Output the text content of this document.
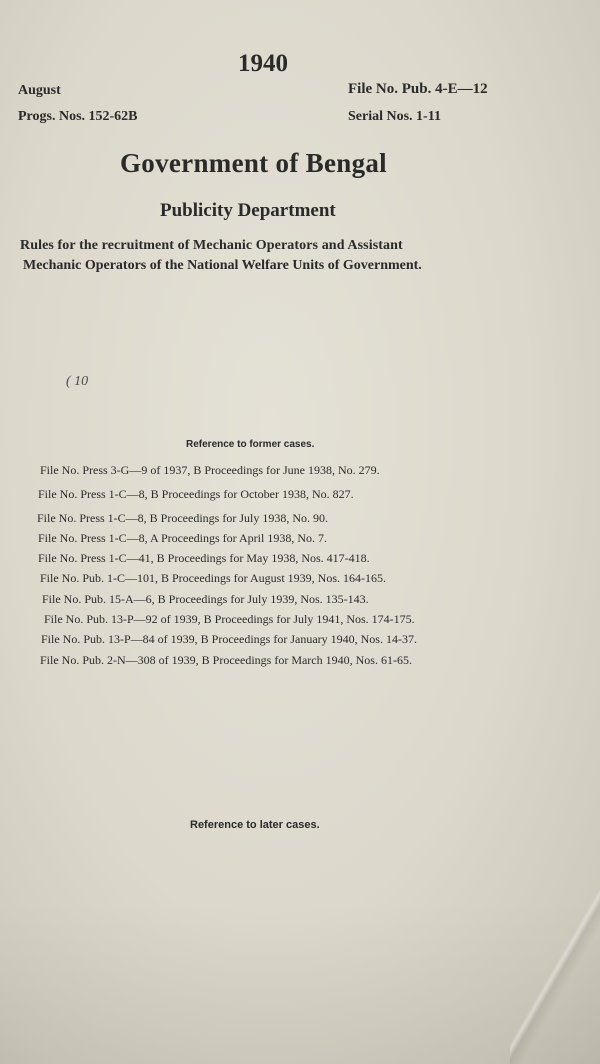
1940
August
Progs. Nos. 152-62B
File No. Pub. 4-E—12
Serial Nos. 1-11
Government of Bengal
Publicity Department
Rules for the recruitment of Mechanic Operators and Assistant
Mechanic Operators of the National Welfare Units of Government.
( 10
Reference to former cases.
File No. Press 3-G—9 of 1937, B Proceedings for June 1938, No. 279.
File No. Press 1-C—8, B Proceedings for October 1938, No. 827.
File No. Press 1-C—8, B Proceedings for July 1938, No. 90.
File No. Press 1-C—8, A Proceedings for April 1938, No. 7.
File No. Press 1-C—41, B Proceedings for May 1938, Nos. 417-418.
File No. Pub. 1-C—101, B Proceedings for August 1939, Nos. 164-165.
File No. Pub. 15-A—6, B Proceedings for July 1939, Nos. 135-143.
File No. Pub. 13-P—92 of 1939, B Proceedings for July 1941, Nos. 174-175.
File No. Pub. 13-P—84 of 1939, B Proceedings for January 1940, Nos. 14-37.
File No. Pub. 2-N—308 of 1939, B Proceedings for March 1940, Nos. 61-65.
Reference to later cases.
